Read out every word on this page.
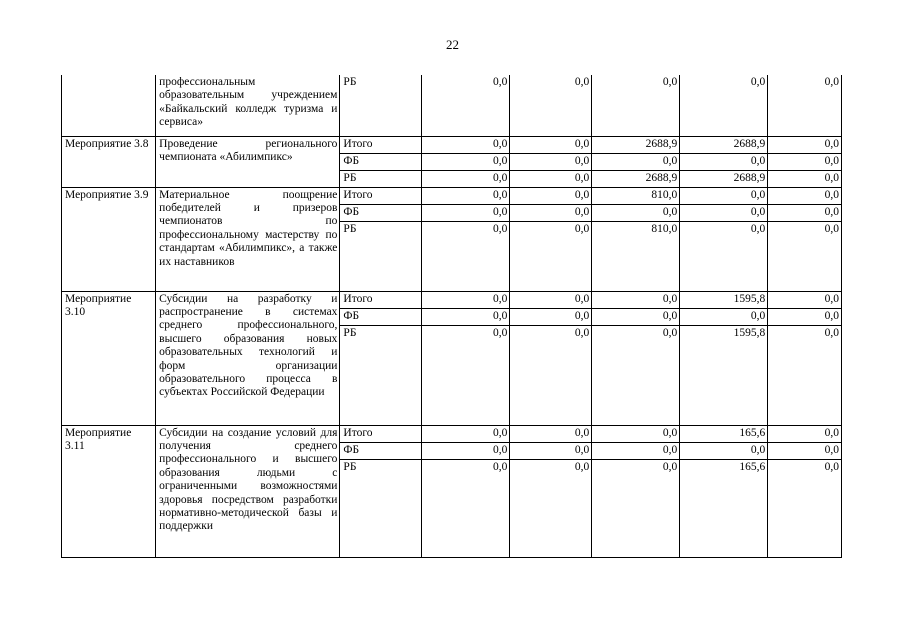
22
	профессиональным образовательным учреждением «Байкальский колледж туризма и сервиса»	РБ	0,0	0,0	0,0	0,0	0,0
Мероприятие 3.8	Проведение регионального чемпионата «Абилимпикс»	Итого	0,0	0,0	2688,9	2688,9	0,0
		ФБ	0,0	0,0	0,0	0,0	0,0
		РБ	0,0	0,0	2688,9	2688,9	0,0
Мероприятие 3.9	Материальное поощрение победителей и призеров чемпионатов по профессиональному мастерству по стандартам «Абилимпикс», а также их наставников	Итого	0,0	0,0	810,0	0,0	0,0
		ФБ	0,0	0,0	0,0	0,0	0,0
		РБ	0,0	0,0	810,0	0,0	0,0
Мероприятие 3.10	Субсидии на разработку и распространение в системах среднего профессионального, высшего образования новых образовательных технологий и форм организации образовательного процесса в субъектах Российской Федерации	Итого	0,0	0,0	0,0	1595,8	0,0
		ФБ	0,0	0,0	0,0	0,0	0,0
		РБ	0,0	0,0	0,0	1595,8	0,0
Мероприятие 3.11	Субсидии на создание условий для получения среднего профессионального и высшего образования людьми с ограниченными возможностями здоровья посредством разработки нормативно-методической базы и поддержки	Итого	0,0	0,0	0,0	165,6	0,0
		ФБ	0,0	0,0	0,0	0,0	0,0
		РБ	0,0	0,0	0,0	165,6	0,0
